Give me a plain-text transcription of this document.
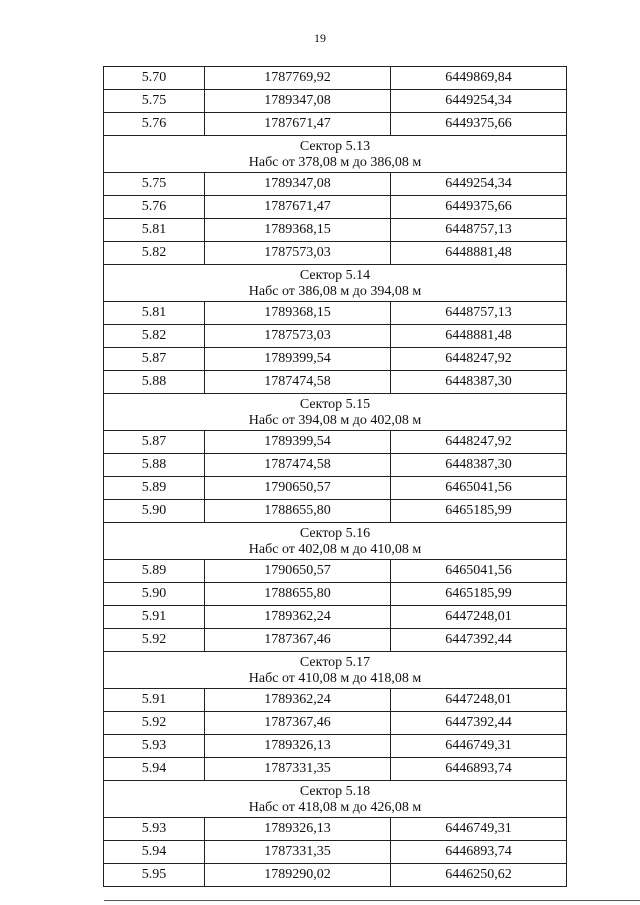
19
5.70	1787769,92	6449869,84
5.75	1789347,08	6449254,34
5.76	1787671,47	6449375,66

Сектор 5.13
Набс от 378,08 м до 386,08 м		

5.75	1789347,08	6449254,34
5.76	1787671,47	6449375,66
5.81	1789368,15	6448757,13
5.82	1787573,03	6448881,48

Сектор 5.14
Набс от 386,08 м до 394,08 м		

5.81	1789368,15	6448757,13
5.82	1787573,03	6448881,48
5.87	1789399,54	6448247,92
5.88	1787474,58	6448387,30

Сектор 5.15
Набс от 394,08 м до 402,08 м		

5.87	1789399,54	6448247,92
5.88	1787474,58	6448387,30
5.89	1790650,57	6465041,56
5.90	1788655,80	6465185,99

Сектор 5.16
Набс от 402,08 м до 410,08 м		

5.89	1790650,57	6465041,56
5.90	1788655,80	6465185,99
5.91	1789362,24	6447248,01
5.92	1787367,46	6447392,44

Сектор 5.17
Набс от 410,08 м до 418,08 м		

5.91	1789362,24	6447248,01
5.92	1787367,46	6447392,44
5.93	1789326,13	6446749,31
5.94	1787331,35	6446893,74

Сектор 5.18
Набс от 418,08 м до 426,08 м		

5.93	1789326,13	6446749,31
5.94	1787331,35	6446893,74
5.95	1789290,02	6446250,62
